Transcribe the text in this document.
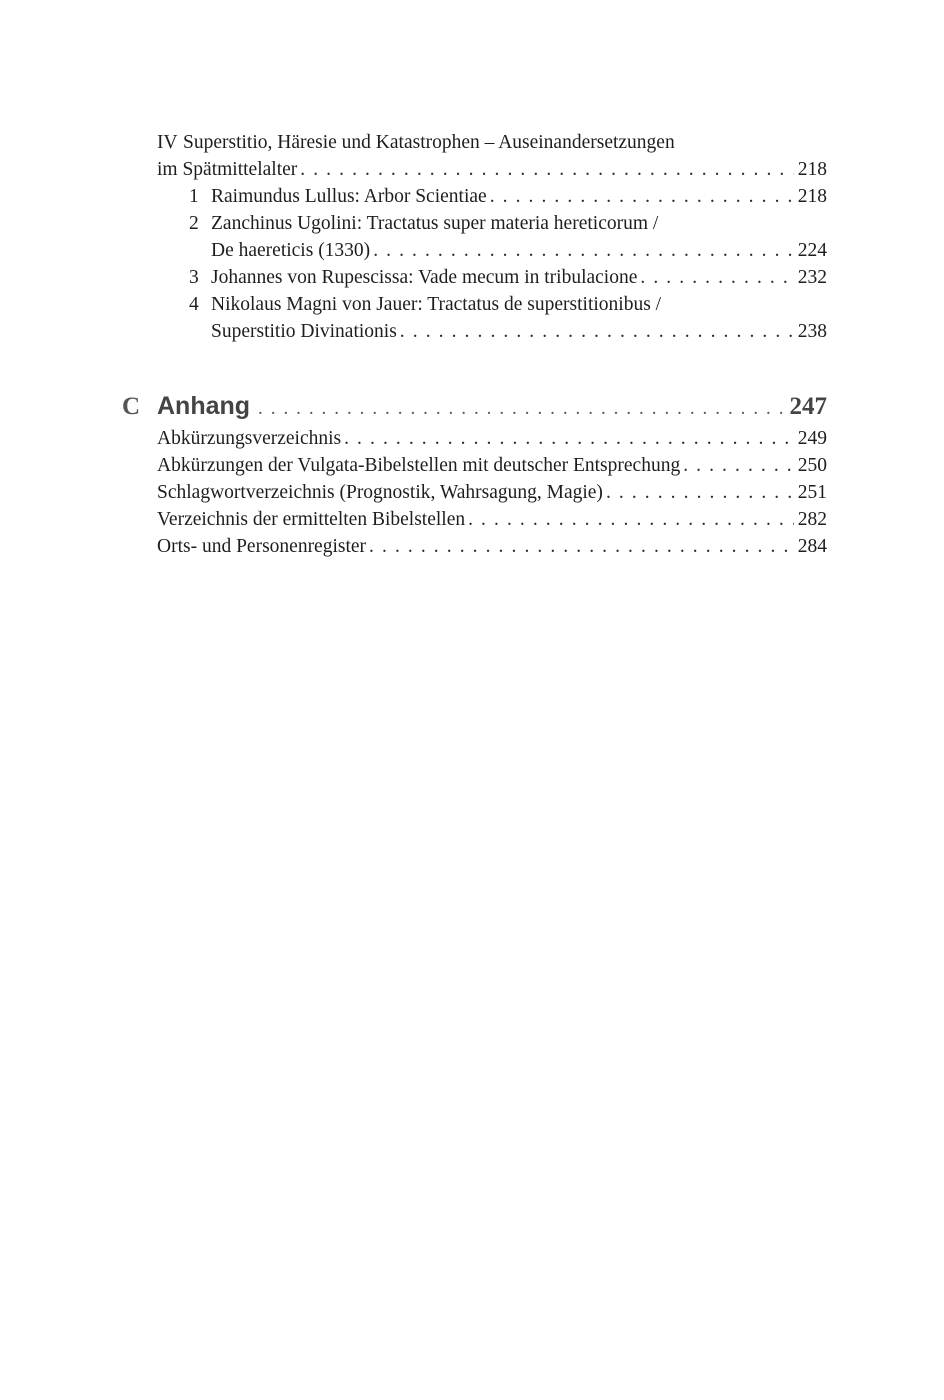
IV Superstitio, Häresie und Katastrophen – Auseinandersetzungen
im Spätmittelalter . . .	218
1 Raimundus Lullus: Arbor Scientiae . . .	218
2 Zanchinus Ugolini: Tractatus super materia hereticorum /
De haereticis (1330) . . .	224
3 Johannes von Rupescissa: Vade mecum in tribulacione . . .	232
4 Nikolaus Magni von Jauer: Tractatus de superstitionibus /
Superstitio Divinationis . . .	238
C Anhang . . .	247
Abkürzungsverzeichnis . . .	249
Abkürzungen der Vulgata-Bibelstellen mit deutscher Entsprechung . . .	250
Schlagwortverzeichnis (Prognostik, Wahrsagung, Magie) . . .	251
Verzeichnis der ermittelten Bibelstellen . . .	282
Orts- und Personenregister . . .	284
